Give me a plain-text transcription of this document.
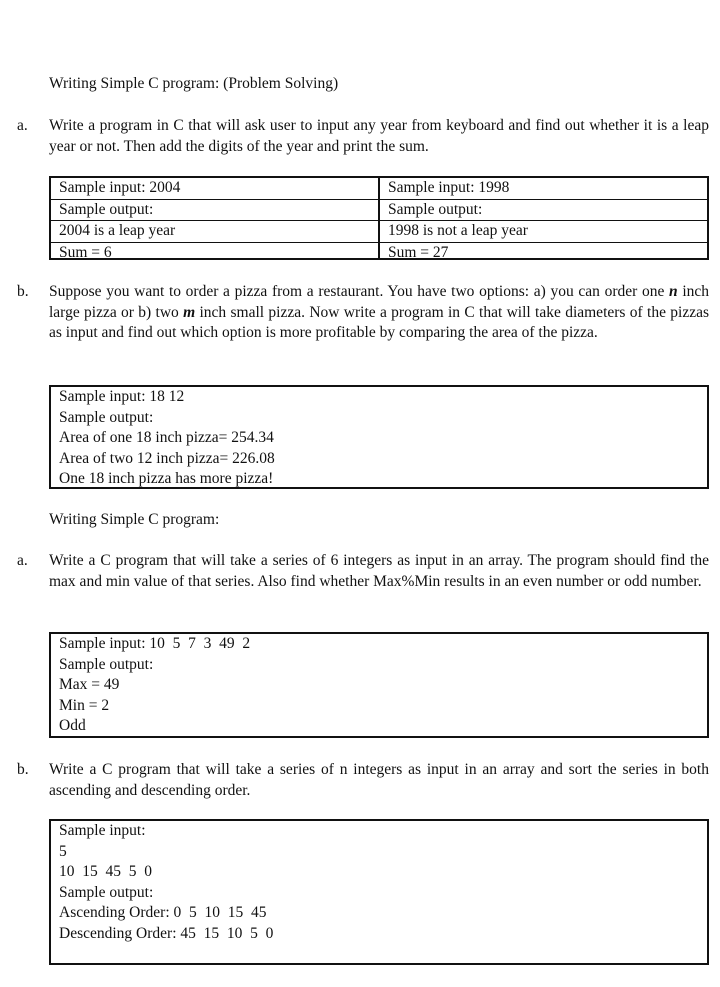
Writing Simple C program: (Problem Solving)
a. Write a program in C that will ask user to input any year from keyboard and find out whether it is a leap year or not. Then add the digits of the year and print the sum.
Sample input: 2004
Sample output:
2004 is a leap year
Sum = 6
Sample input: 1998
Sample output:
1998 is not a leap year
Sum = 27
b. Suppose you want to order a pizza from a restaurant. You have two options: a) you can order one n inch large pizza or b) two m inch small pizza. Now write a program in C that will take diameters of the pizzas as input and find out which option is more profitable by comparing the area of the pizza.
Sample input: 18 12
Sample output:
Area of one 18 inch pizza= 254.34
Area of two 12 inch pizza= 226.08
One 18 inch pizza has more pizza!
Writing Simple C program:
a. Write a C program that will take a series of 6 integers as input in an array. The program should find the max and min value of that series. Also find whether Max%Min results in an even number or odd number.
Sample input: 10  5  7  3  49  2
Sample output:
Max = 49
Min = 2
Odd
b. Write a C program that will take a series of n integers as input in an array and sort the series in both ascending and descending order.
Sample input:
5
10  15  45  5  0
Sample output:
Ascending Order: 0  5  10  15  45
Descending Order: 45  15  10  5  0
